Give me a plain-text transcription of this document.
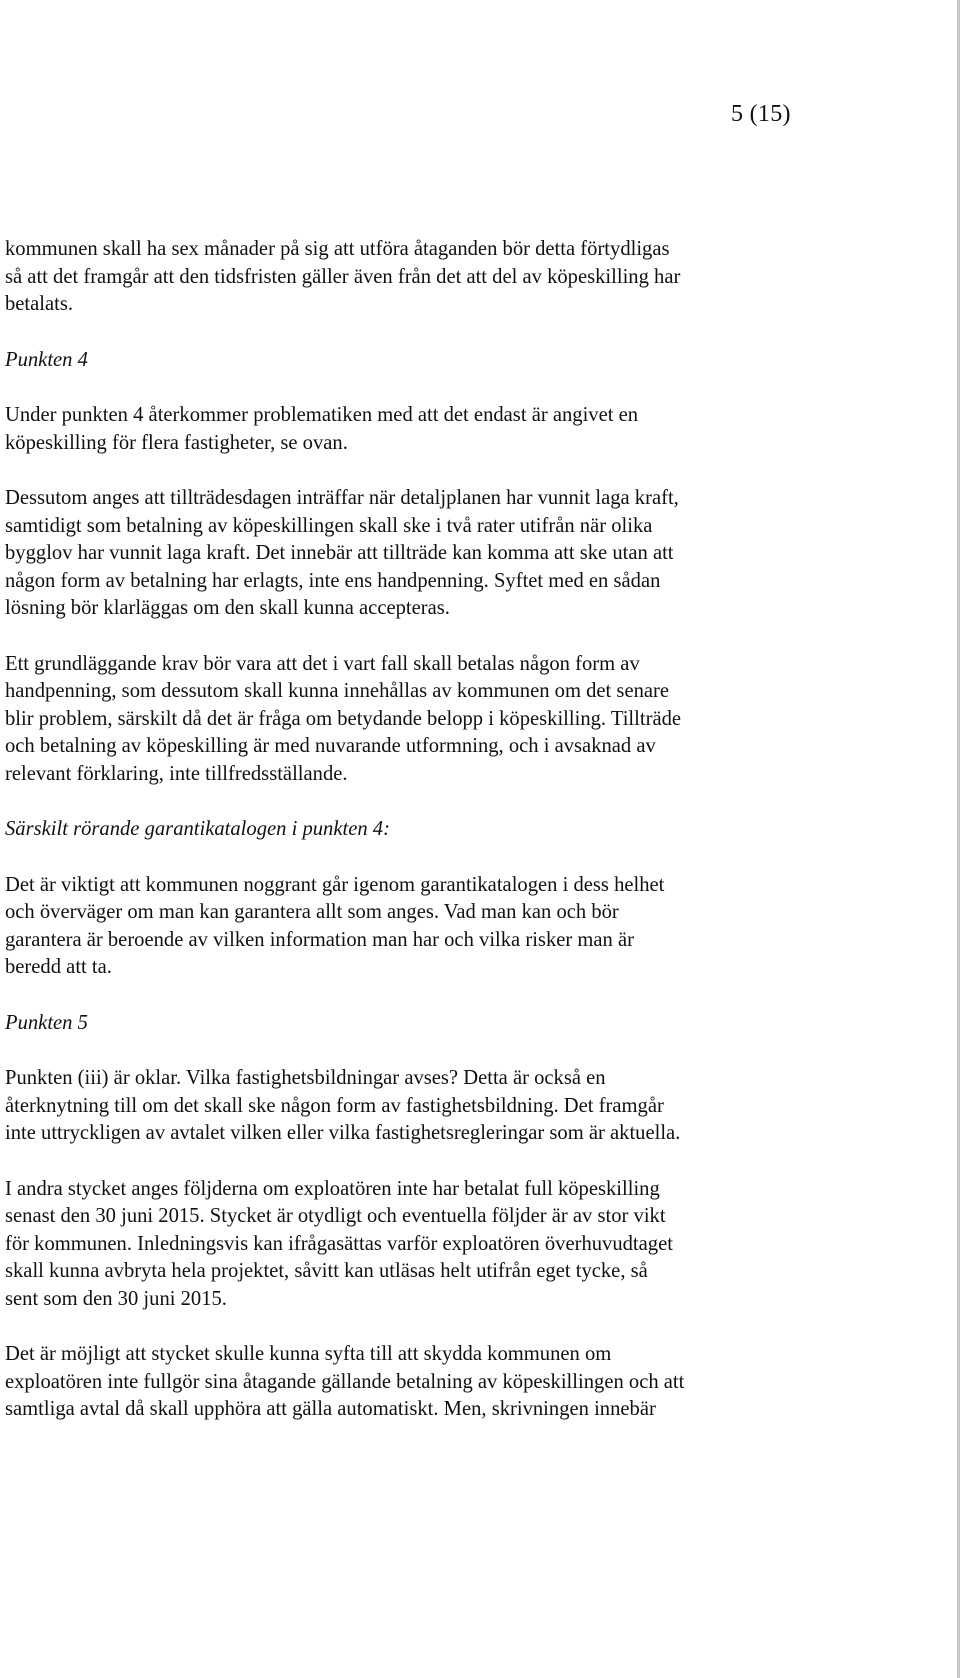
5 (15)
kommunen skall ha sex månader på sig att utföra åtaganden bör detta förtydligas
så att det framgår att den tidsfristen gäller även från det att del av köpeskilling har
betalats.
Punkten 4
Under punkten 4 återkommer problematiken med att det endast är angivet en
köpeskilling för flera fastigheter, se ovan.
Dessutom anges att tillträdesdagen inträffar när detaljplanen har vunnit laga kraft,
samtidigt som betalning av köpeskillingen skall ske i två rater utifrån när olika
bygglov har vunnit laga kraft. Det innebär att tillträde kan komma att ske utan att
någon form av betalning har erlagts, inte ens handpenning. Syftet med en sådan
lösning bör klarläggas om den skall kunna accepteras.
Ett grundläggande krav bör vara att det i vart fall skall betalas någon form av
handpenning, som dessutom skall kunna innehållas av kommunen om det senare
blir problem, särskilt då det är fråga om betydande belopp i köpeskilling. Tillträde
och betalning av köpeskilling är med nuvarande utformning, och i avsaknad av
relevant förklaring, inte tillfredsställande.
Särskilt rörande garantikatalogen i punkten 4:
Det är viktigt att kommunen noggrant går igenom garantikatalogen i dess helhet
och överväger om man kan garantera allt som anges. Vad man kan och bör
garantera är beroende av vilken information man har och vilka risker man är
beredd att ta.
Punkten 5
Punkten (iii) är oklar. Vilka fastighetsbildningar avses? Detta är också en
återknytning till om det skall ske någon form av fastighetsbildning. Det framgår
inte uttryckligen av avtalet vilken eller vilka fastighetsregleringar som är aktuella.
I andra stycket anges följderna om exploatören inte har betalat full köpeskilling
senast den 30 juni 2015. Stycket är otydligt och eventuella följder är av stor vikt
för kommunen. Inledningsvis kan ifrågasättas varför exploatören överhuvudtaget
skall kunna avbryta hela projektet, såvitt kan utläsas helt utifrån eget tycke, så
sent som den 30 juni 2015.
Det är möjligt att stycket skulle kunna syfta till att skydda kommunen om
exploatören inte fullgör sina åtagande gällande betalning av köpeskillingen och att
samtliga avtal då skall upphöra att gälla automatiskt. Men, skrivningen innebär
